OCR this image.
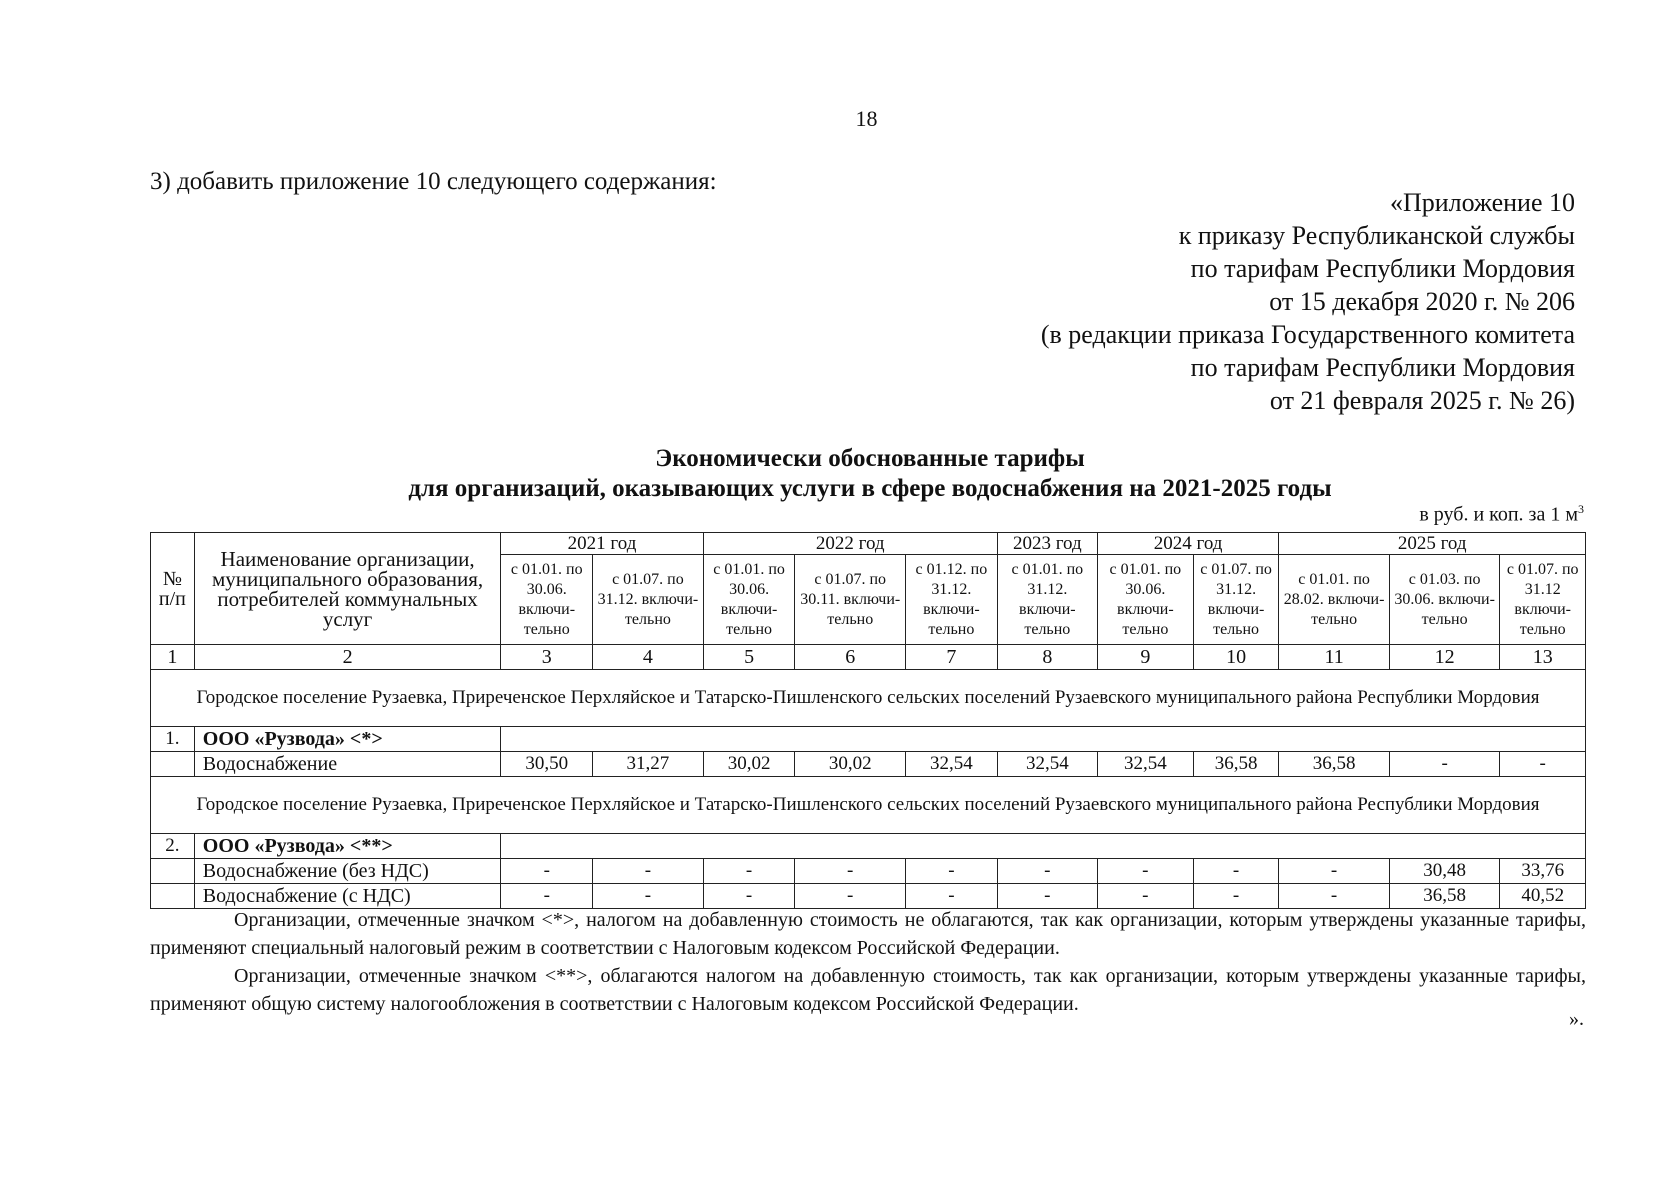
18
3) добавить приложение 10 следующего содержания:
«Приложение 10
к приказу Республиканской службы
по тарифам Республики Мордовия
от 15 декабря 2020 г. № 206
(в редакции приказа Государственного комитета
по тарифам Республики Мордовия
от 21 февраля 2025 г. № 26)
Экономически обоснованные тарифы
для организаций, оказывающих услуги в сфере водоснабжения на 2021-2025 годы
в руб. и коп. за 1 $м^3$
№ п/п	Наименование организации, муниципального образования, потребителей коммунальных услуг	2021 год		2022 год			2023 год	2024 год		2025 год		
		с 01.01. по 30.06. включи-тельно	с 01.07. по 31.12. включи-тельно	с 01.01. по 30.06. включи-тельно	с 01.07. по 30.11. включи-тельно	с 01.12. по 31.12. включи-тельно	с 01.01. по 31.12. включи-тельно	с 01.01. по 30.06. включи-тельно	с 01.07. по 31.12. включи-тельно	с 01.01. по 28.02. включи-тельно	с 01.03. по 30.06. включи-тельно	с 01.07. по 31.12 включи-тельно
1	2	3	4	5	6	7	8	9	10	11	12	13
Городское поселение Рузаевка, Приреченское Перхляйское и Татарско-Пишленского сельских поселений Рузаевского муниципального района Республики Мордовия												
1.	ООО «Рузвода» <*>											
	Водоснабжение	30,50	31,27	30,02	30,02	32,54	32,54	32,54	36,58	36,58	-	-
Городское поселение Рузаевка, Приреченское Перхляйское и Татарско-Пишленского сельских поселений Рузаевского муниципального района Республики Мордовия												
2.	ООО «Рузвода» <**>											
	Водоснабжение (без НДС)	-	-	-	-	-	-	-	-	-	30,48	33,76
	Водоснабжение (с НДС)	-	-	-	-	-	-	-	-	-	36,58	40,52

Организации, отмеченные значком <*>, налогом на добавленную стоимость не облагаются, так как организации, которым утверждены указанные тарифы, применяют специальный налоговый режим в соответствии с Налоговым кодексом Российской Федерации.

Организации, отмеченные значком <**>, облагаются налогом на добавленную стоимость, так как организации, которым утверждены указанные тарифы, применяют общую систему налогообложения в соответствии с Налоговым кодексом Российской Федерации.

».
